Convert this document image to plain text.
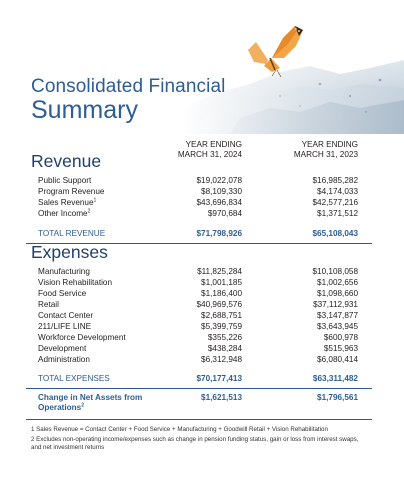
Consolidated Financial
Summary
YEAR ENDING
MARCH 31, 2024
YEAR ENDING
MARCH 31, 2023
Revenue
Public Support	$19,022,078	$16,985,282
Program Revenue	$8,109,330	$4,174,033
Sales Revenue$^1$	$43,696,834	$42,577,216
Other Income$^2$	$970,684	$1,371,512
TOTAL REVENUE	$71,798,926	$65,108,043
Expenses
Manufacturing	$11,825,284	$10,108,058
Vision Rehabilitation	$1,001,185	$1,002,656
Food Service	$1,186,400	$1,098,660
Retail	$40,969,576	$37,112,931
Contact Center	$2,688,751	$3,147,877
211/LIFE LINE	$5,399,759	$3,643,945
Workforce Development	$355,226	$600,978
Development	$438,284	$515,963
Administration	$6,312,948	$6,080,414
TOTAL EXPENSES	$70,177,413	$63,311,482
Change in Net Assets from Operations$^2$
$1,621,513	$1,796,561
1 Sales Revenue = Contact Center + Food Service + Manufacturing + Goodwill Retail + Vision Rehabilitation
2 Excludes non-operating income/expenses such as change in pension funding status, gain or loss from interest swaps, and net investment returns
